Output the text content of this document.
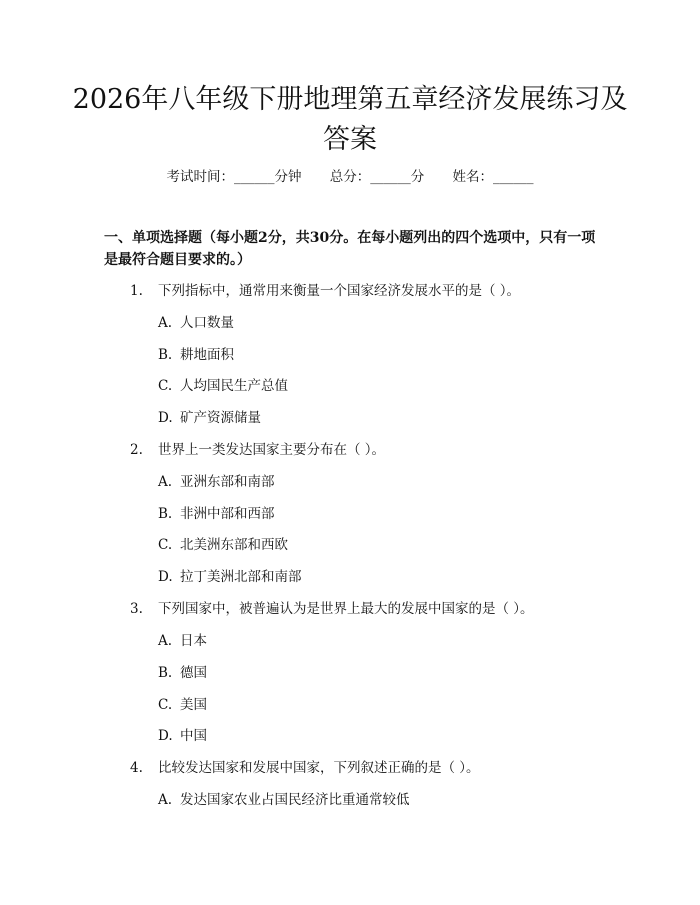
2026年八年级下册地理第五章经济发展练习及答案
考试时间：______分钟 总分：______分 姓名：______
一、单项选择题（每小题2分，共30分。在每小题列出的四个选项中，只有一项是最符合题目要求的。）
1. 下列指标中，通常用来衡量一个国家经济发展水平的是（ ）。
A. 人口数量
B. 耕地面积
C. 人均国民生产总值
D. 矿产资源储量
2. 世界上一类发达国家主要分布在（ ）。
A. 亚洲东部和南部
B. 非洲中部和西部
C. 北美洲东部和西欧
D. 拉丁美洲北部和南部
3. 下列国家中，被普遍认为是世界上最大的发展中国家的是（ ）。
A. 日本
B. 德国
C. 美国
D. 中国
4. 比较发达国家和发展中国家，下列叙述正确的是（ ）。
A. 发达国家农业占国民经济比重通常较低
